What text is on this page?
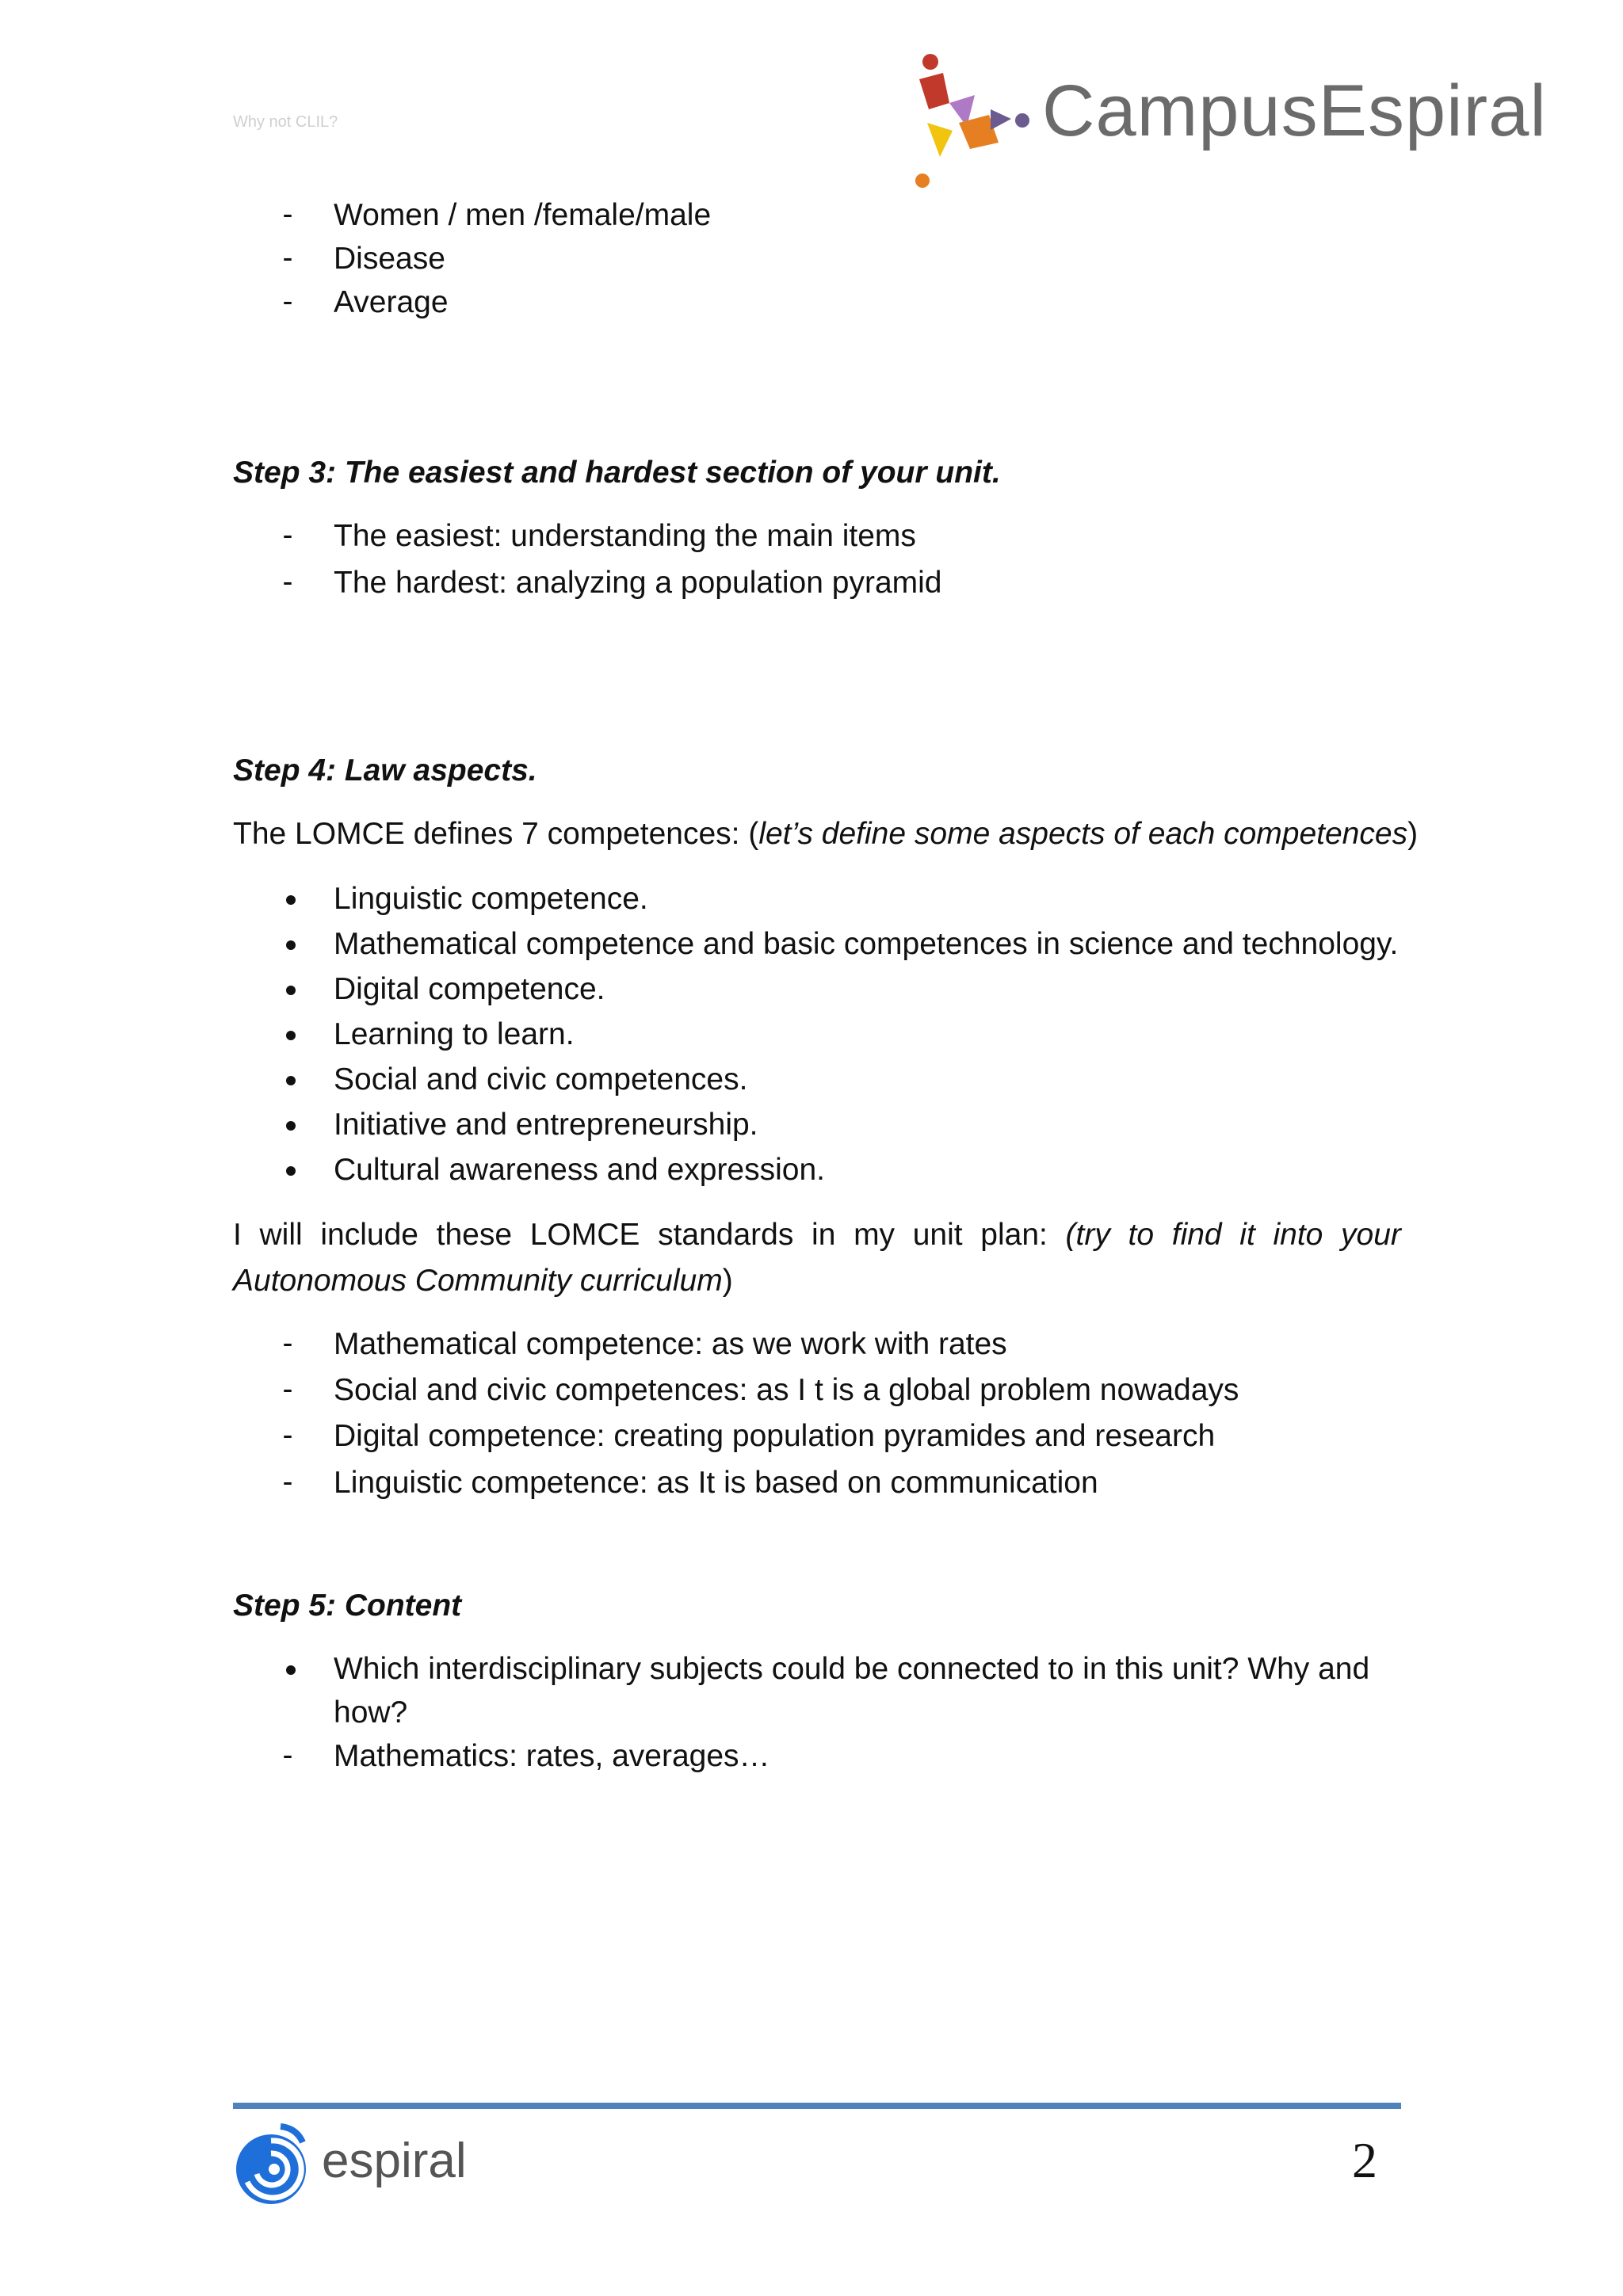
Why not CLIL?	CampusEspiral
- Women / men /female/male
- Disease
- Average
Step 3: The easiest and hardest section of your unit.
- The easiest: understanding the main items
- The hardest: analyzing a population pyramid
Step 4: Law aspects.
The LOMCE defines 7 competences: (let’s define some aspects of each competences)
Linguistic competence.
Mathematical competence and basic competences in science and technology.
Digital competence.
Learning to learn.
Social and civic competences.
Initiative and entrepreneurship.
Cultural awareness and expression.
I will include these LOMCE standards in my unit plan: (try to find it into your
Autonomous Community curriculum)
- Mathematical competence: as we work with rates
- Social and civic competences: as I t is a global problem nowadays
- Digital competence: creating population pyramides and research
- Linguistic competence: as It is based on communication
Step 5: Content
Which interdisciplinary subjects could be connected to in this unit? Why and
how?
- Mathematics: rates, averages…
espiral	2
